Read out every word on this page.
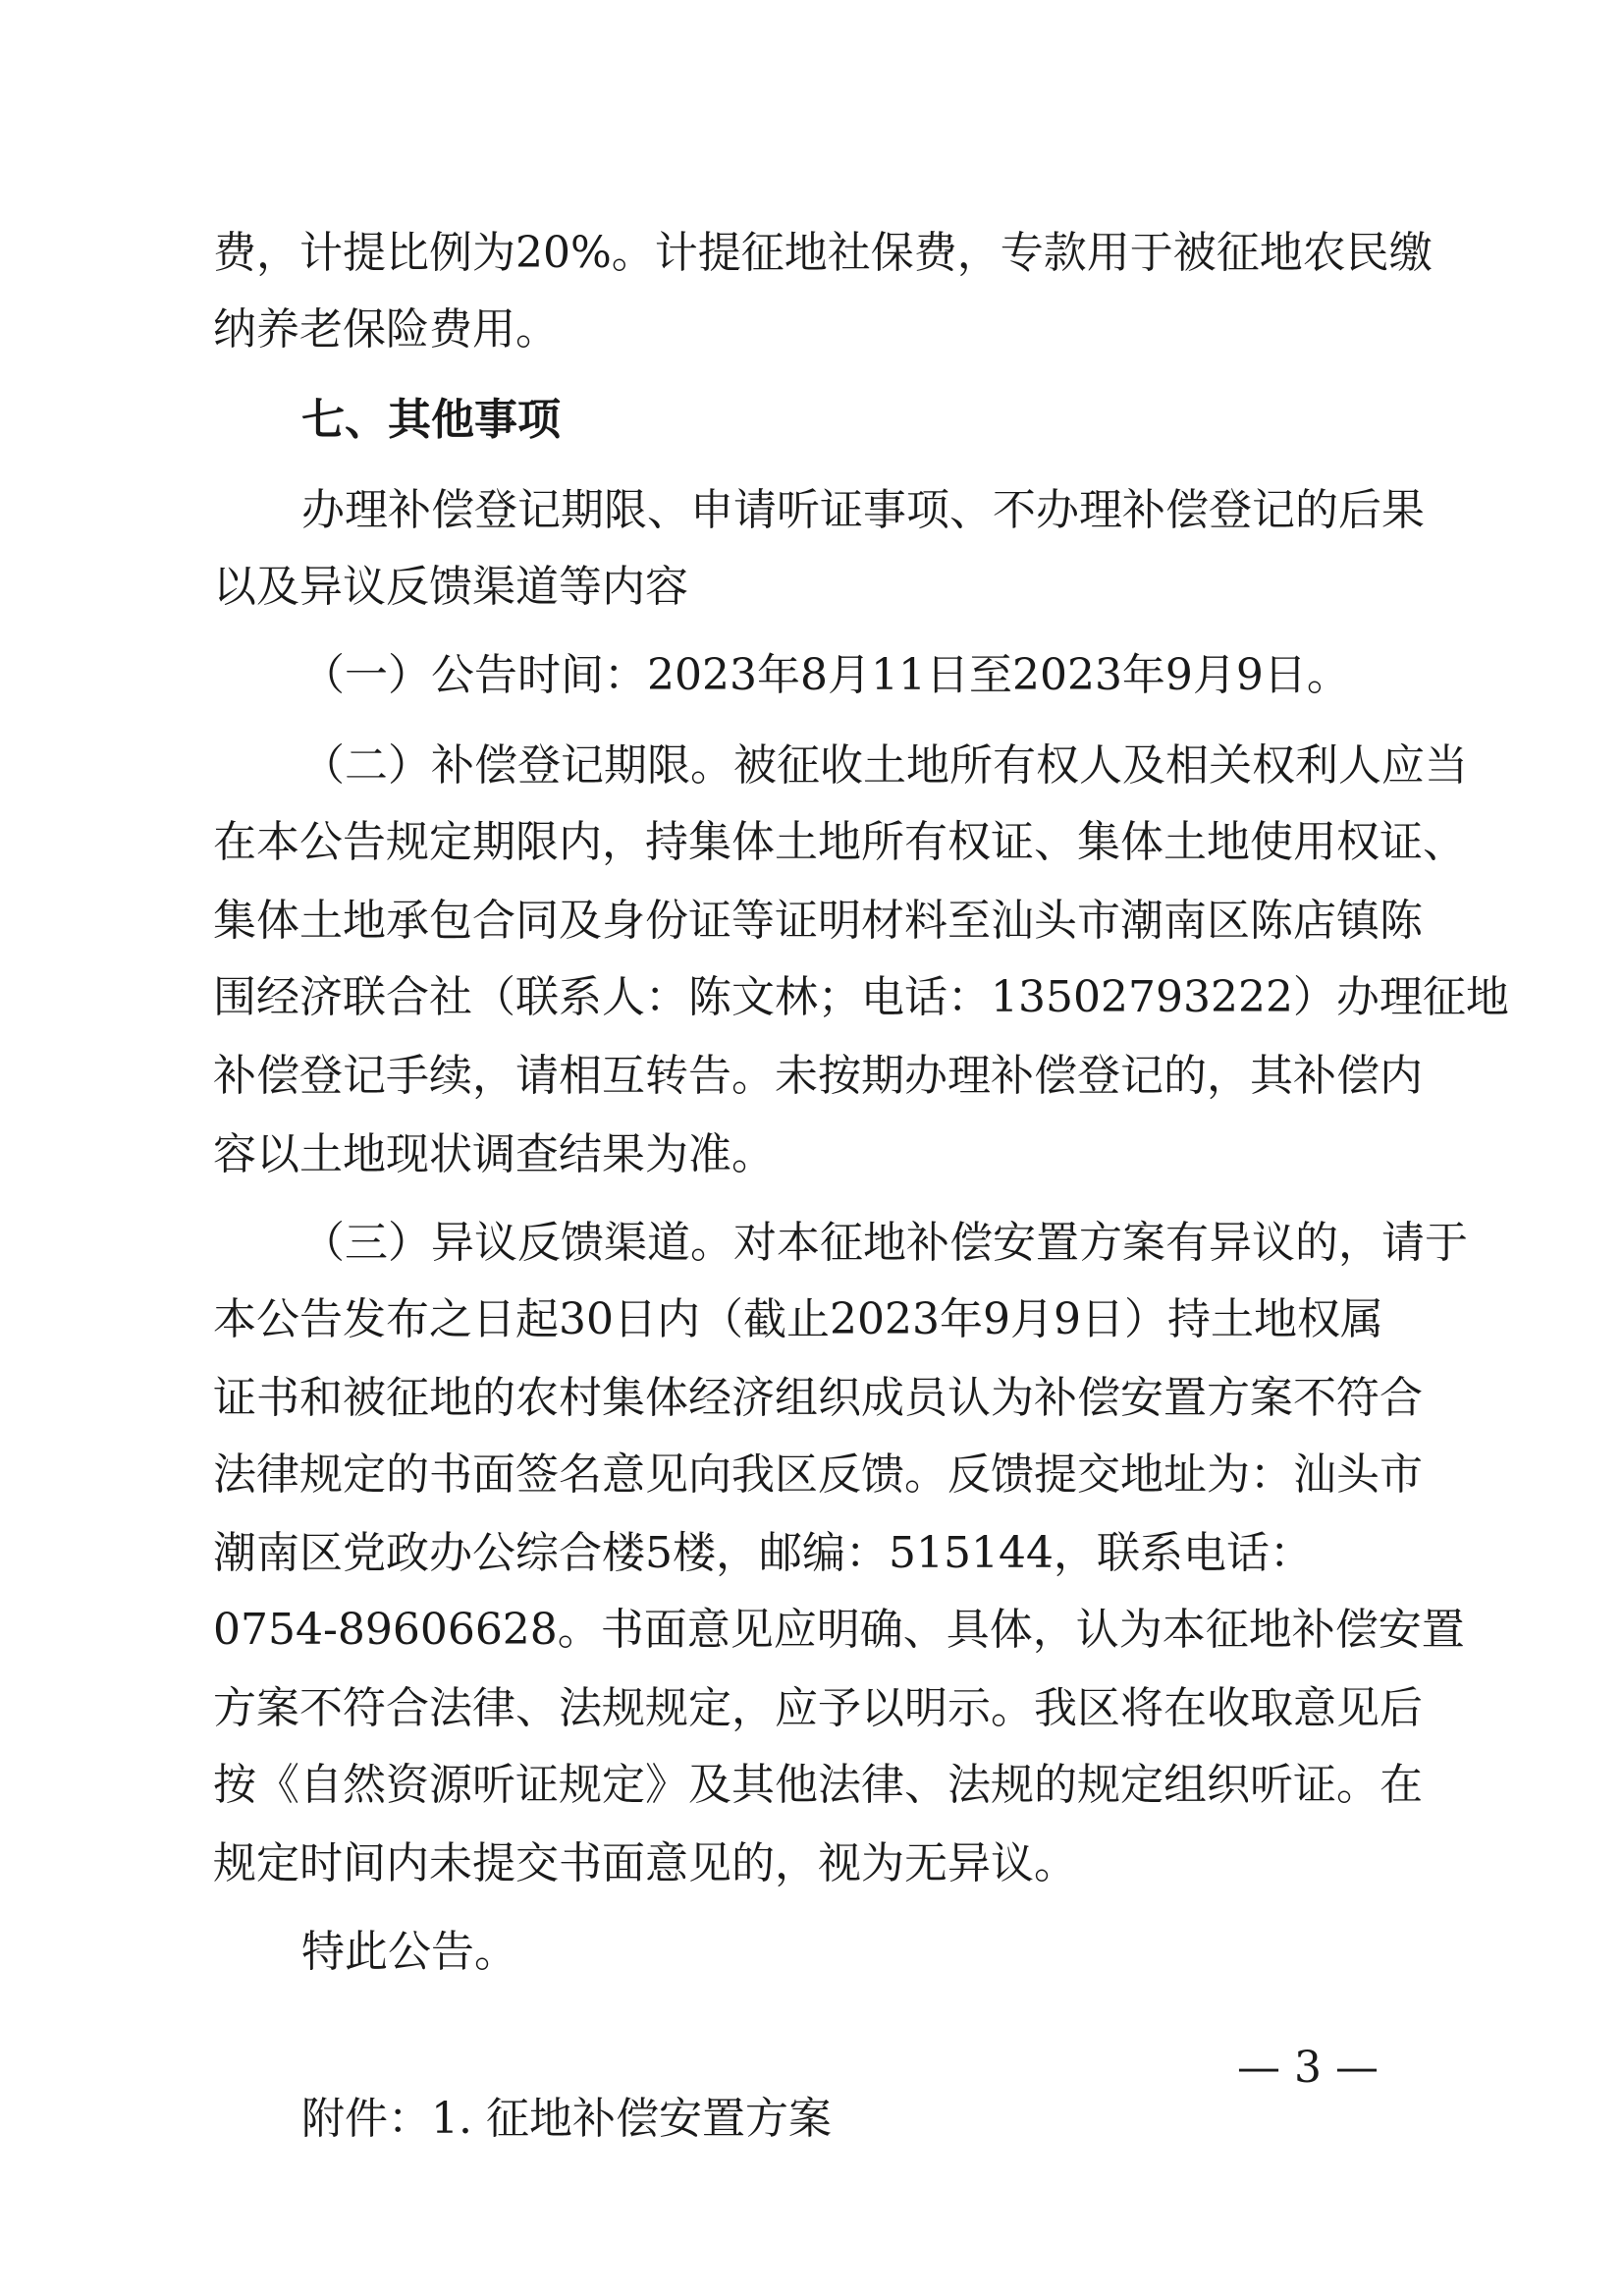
费，计提比例为20%。计提征地社保费，专款用于被征地农民缴
纳养老保险费用。
七、其他事项
办理补偿登记期限、申请听证事项、不办理补偿登记的后果
以及异议反馈渠道等内容
（一）公告时间：2023年8月11日至2023年9月9日。
（二）补偿登记期限。被征收土地所有权人及相关权利人应当
在本公告规定期限内，持集体土地所有权证、集体土地使用权证、
集体土地承包合同及身份证等证明材料至汕头市潮南区陈店镇陈
围经济联合社（联系人：陈文林；电话：13502793222）办理征地
补偿登记手续，请相互转告。未按期办理补偿登记的，其补偿内
容以土地现状调查结果为准。
（三）异议反馈渠道。对本征地补偿安置方案有异议的，请于
本公告发布之日起30日内（截止2023年9月9日）持土地权属
证书和被征地的农村集体经济组织成员认为补偿安置方案不符合
法律规定的书面签名意见向我区反馈。反馈提交地址为：汕头市
潮南区党政办公综合楼5楼，邮编：515144，联系电话：
0754-89606628。书面意见应明确、具体，认为本征地补偿安置
方案不符合法律、法规规定，应予以明示。我区将在收取意见后
按《自然资源听证规定》及其他法律、法规的规定组织听证。在
规定时间内未提交书面意见的，视为无异议。
特此公告。
附件：1. 征地补偿安置方案
— 3 —
